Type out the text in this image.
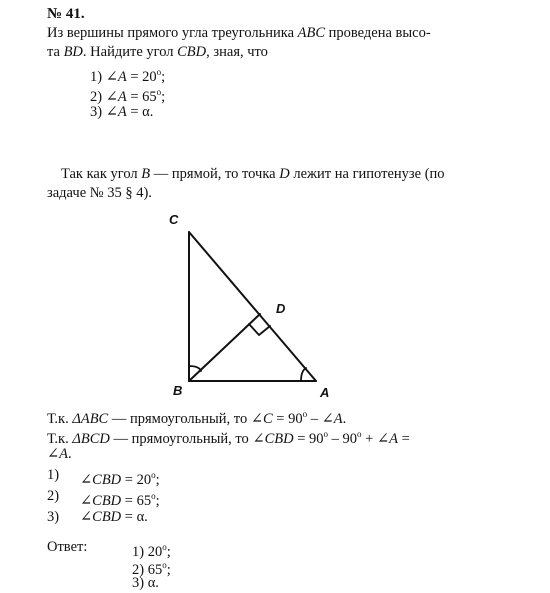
№ 41.
Из вершины прямого угла треугольника ABC проведена высо-
та BD. Найдите угол CBD, зная, что
1) ∠A = $20^o$;
2) ∠A = $65^o$;
3) ∠A = α.
Так как угол B — прямой, то точка D лежит на гипотенузе (по
задаче № 35 § 4).
C
D
B	A
Т.к. ΔABC — прямоугольный, то ∠C = $90^o$ – ∠A.
Т.к. ΔBCD — прямоугольный, то ∠CBD = $90^o - 90^o$ + ∠A =
∠A.
1) ∠CBD = $20^o$;
2) ∠CBD = $65^o$;
3) ∠CBD = α.
Ответ:	1) 20$^o$;
2) 65$^o$;
3) α.
